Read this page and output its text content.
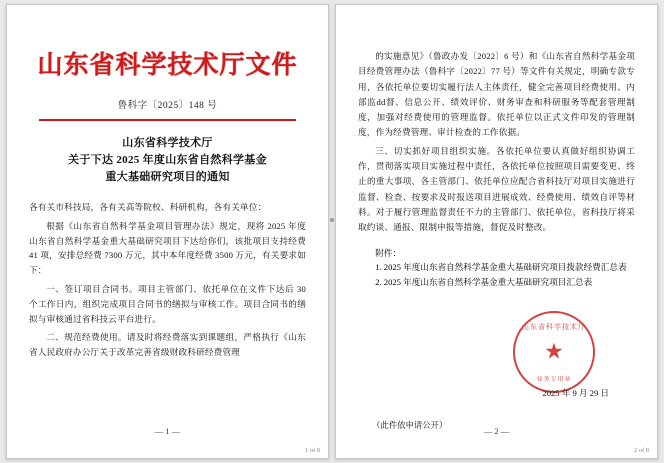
山东省科学技术厅文件
鲁科字〔2025〕148 号
山东省科学技术厅
关于下达 2025 年度山东省自然科学基金
重大基础研究项目的通知

各有关市科技局，各有关高等院校、科研机构，各有关单位：

根据《山东省自然科学基金项目管理办法》规定，现将 2025 年度山东省自然科学基金重大基础研究项目下达给你们，该批项目支持经费 41 项，安排总经费 7300 万元，其中本年度经费 3500 万元，有关要求如下：

一、签订项目合同书。项目主管部门、依托单位在文件下达后 30 个工作日内，组织完成项目合同书的缮拟与审核工作。项目合同书的缮拟与审核通过省科技云平台进行。

二、规范经费使用。请及时将经费落实到课题组，严格执行《山东省人民政府办公厅关于改革完善省级财政科研经费管理

— 1 —
1 of 8

的实施意见》（鲁政办发〔2022〕6 号）和《山东省自然科学基金项目经费管理办法（鲁科字〔2022〕77 号）等文件有关规定，明确专款专用，各依托单位要切实履行法人主体责任，健全完善项目经费使用、内部监dd督、信息公开、绩效评价、财务审查和科研服务等配套管理制度，加强对经费使用的管理监督。依托单位以正式文件印发的管理制度，作为经费管理、审计检查的工作依据。

三、切实抓好项目组织实施。各依托单位要认真做好组织协调工作，贯彻落实项目实施过程中责任，各依托单位按照项目需要变更、终止的重大事项，各主管部门、依托单位应配合省科技厅对项目实施进行监督、检查、按要求及时报送项目进展成效、经费使用、绩效自评等材料。对于履行管理监督责任不力的主管部门、依托单位，省科技厅将采取约谈、通报、限制申报等措施，督促及时整改。

附件：
1. 2025 年度山东省自然科学基金重大基础研究项目拨款经费汇总表
2. 2025 年度山东省自然科学基金重大基础研究项目汇总表
山东省科学技术厅
★
业务专用章
2025 年 9 月 29 日
（此件依申请公开）
— 2 —
2 of 8
